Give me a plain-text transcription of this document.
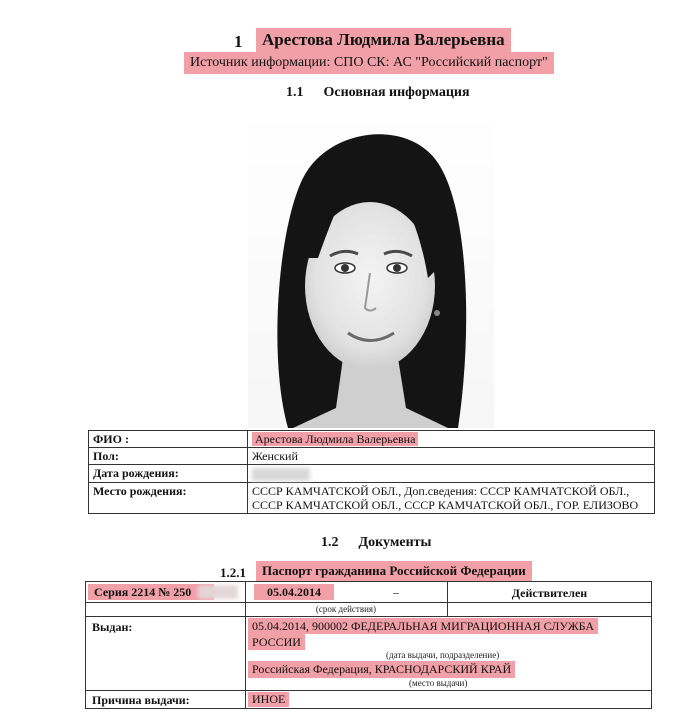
1	Арестова Людмила Валерьевна
Источник информации: СПО СК: АС "Российский паспорт"
1.1 Основная информация
ФИО :	Арестова Людмила Валерьевна
Пол:	Женский
Дата рождения:	
Место рождения:	СССР КАМЧАТСКОЙ ОБЛ., Доп.сведения: СССР КАМЧАТСКОЙ ОБЛ.,
СССР КАМЧАТСКОЙ ОБЛ., СССР КАМЧАТСКОЙ ОБЛ., ГОР. ЕЛИЗОВО
1.2 Документы
1.2.1	Паспорт гражданина Российской Федерации
Серия 2214 № 250	05.04.2014	–	Действителен
(срок действия)
Выдан:	05.04.2014, 900002 ФЕДЕРАЛЬНАЯ МИГРАЦИОННАЯ СЛУЖБА
РОССИИ
(дата выдачи, подразделение)
Российская Федерация, КРАСНОДАРСКИЙ КРАЙ
(место выдачи)
Причина выдачи:	ИНОЕ
